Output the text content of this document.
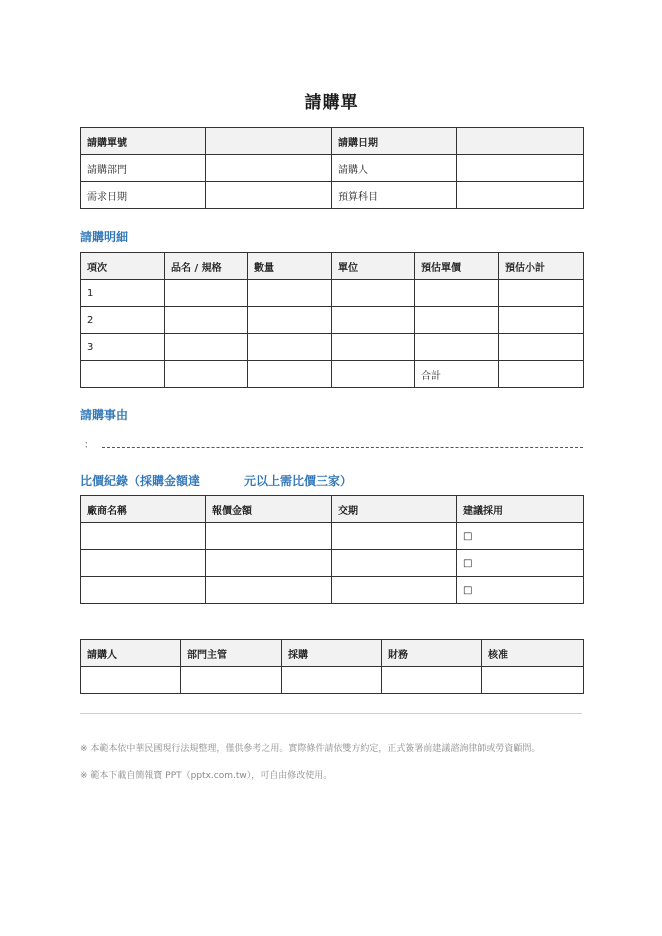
請購單
請購單號		請購日期	
請購部門		請購人	
需求日期		預算科目	
請購明細
項次	品名 / 規格	數量	單位	預估單價	預估小計
1					
2					
3					
				合計	
請購事由
：
比價紀錄（採購金額達	元以上需比價三家）
廠商名稱	報價金額	交期	建議採用
			□
			□
			□
請購人	部門主管	採購	財務	核准

※ 本範本依中華民國現行法規整理，僅供參考之用。實際條件請依雙方約定，正式簽署前建議諮詢律師或勞資顧問。
※ 範本下載自簡報寶 PPT（pptx.com.tw），可自由修改使用。
